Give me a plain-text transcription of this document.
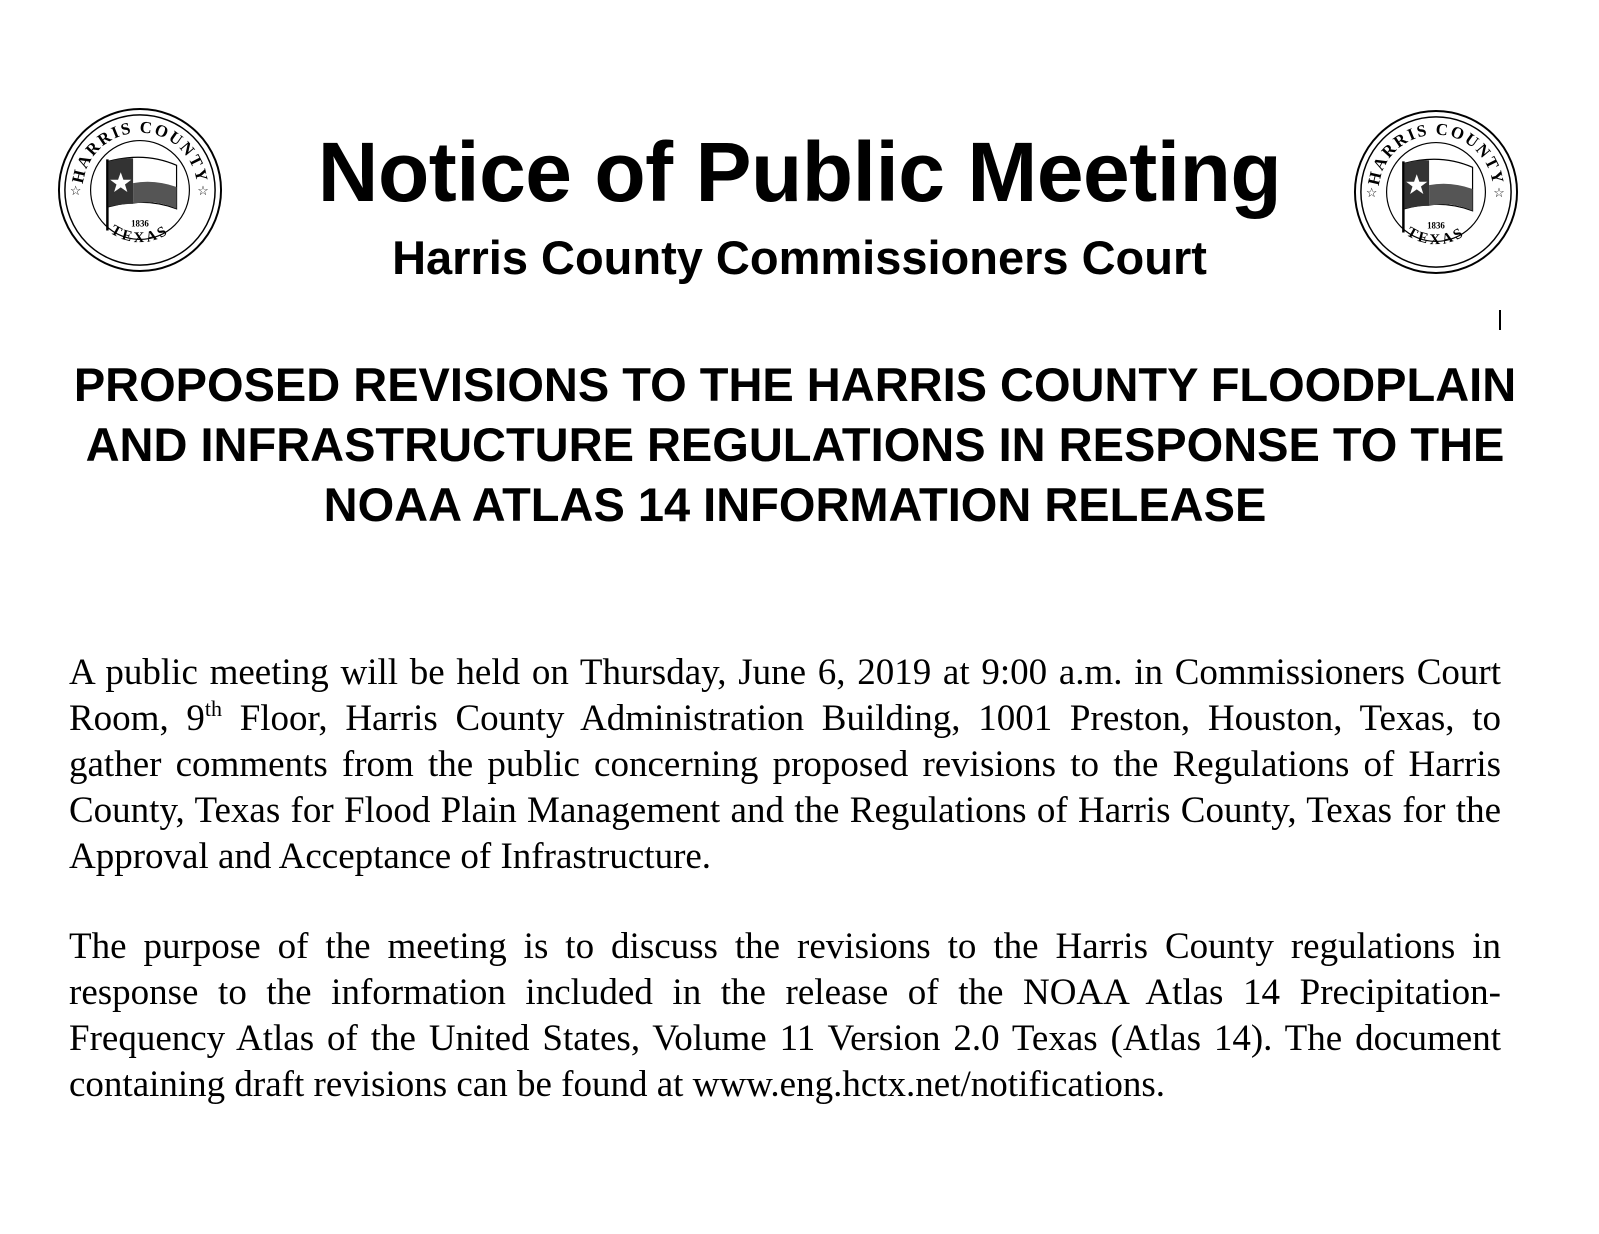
HARRIS COUNTY
TEXAS
☆	☆
1836
HARRIS COUNTY
TEXAS
☆	☆
1836
Notice of Public Meeting
Harris County Commissioners Court
PROPOSED REVISIONS TO THE HARRIS COUNTY FLOODPLAIN AND INFRASTRUCTURE REGULATIONS IN RESPONSE TO THE NOAA ATLAS 14 INFORMATION RELEASE

A public meeting will be held on Thursday, June 6, 2019 at 9:00 a.m. in Commissioners Court Room, 9th Floor, Harris County Administration Building, 1001 Preston, Houston, Texas, to gather comments from the public concerning proposed revisions to the Regulations of Harris County, Texas for Flood Plain Management and the Regulations of Harris County, Texas for the Approval and Acceptance of Infrastructure.

The purpose of the meeting is to discuss the revisions to the Harris County regulations in response to the information included in the release of the NOAA Atlas 14 Precipitation-Frequency Atlas of the United States, Volume 11 Version 2.0 Texas (Atlas 14). The document containing draft revisions can be found at www.eng.hctx.net/notifications.
